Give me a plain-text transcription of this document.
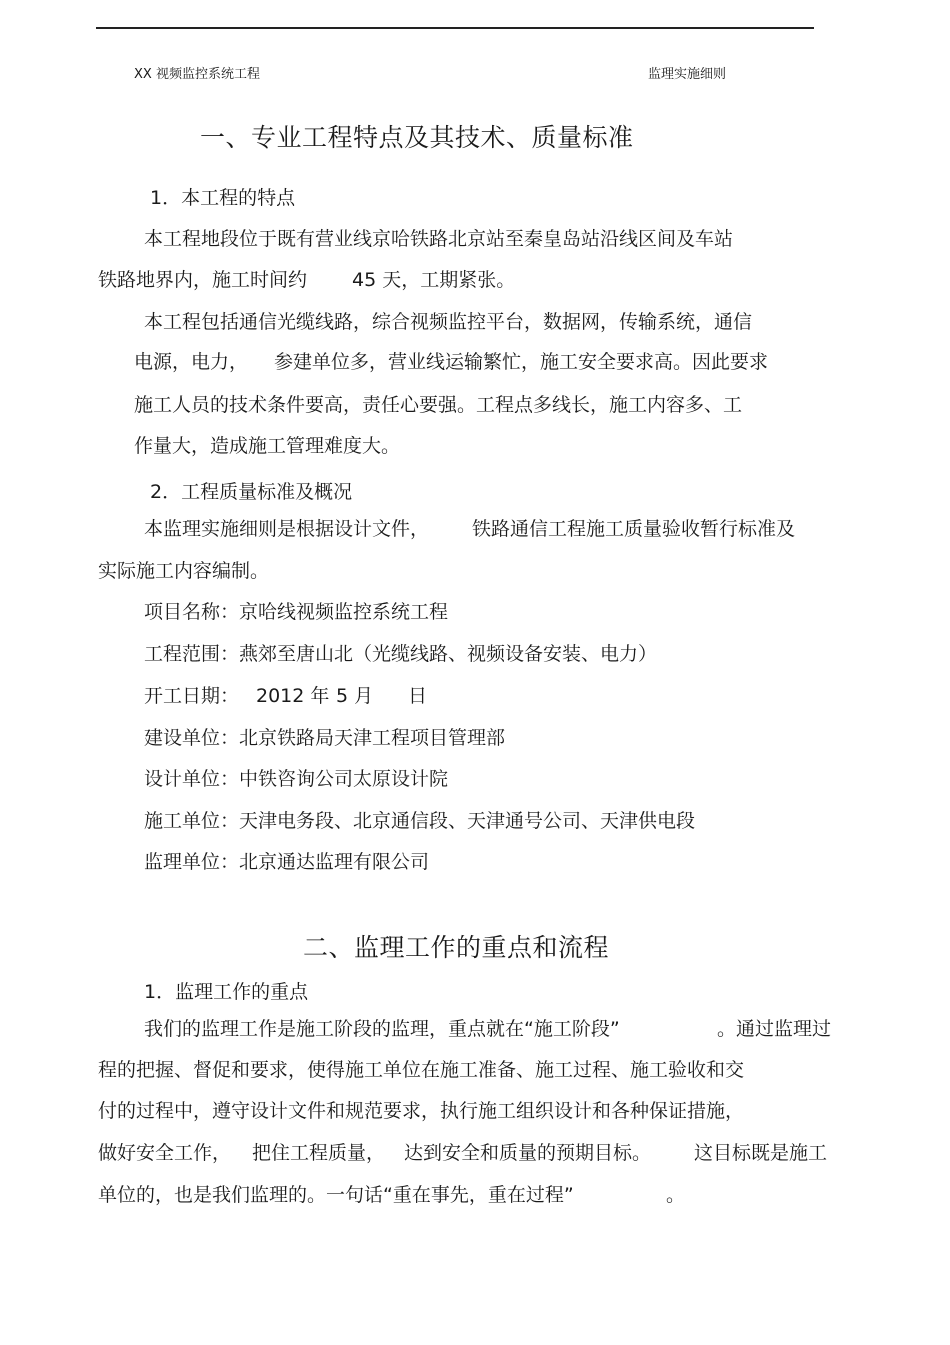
XX 视频监控系统工程	监理实施细则
一、专业工程特点及其技术、质量标准
1．本工程的特点
本工程地段位于既有营业线京哈铁路北京站至秦皇岛站沿线区间及车站
铁路地界内，施工时间约 45 天，工期紧张。
本工程包括通信光缆线路，综合视频监控平台，数据网，传输系统，通信
电源，电力， 参建单位多，营业线运输繁忙，施工安全要求高。因此要求
施工人员的技术条件要高，责任心要强。工程点多线长，施工内容多、工
作量大，造成施工管理难度大。
2．工程质量标准及概况
本监理实施细则是根据设计文件， 铁路通信工程施工质量验收暂行标准及
实际施工内容编制。
项目名称：京哈线视频监控系统工程
工程范围：燕郊至唐山北（光缆线路、视频设备安装、电力）
开工日期： 2012 年 5 月 日
建设单位：北京铁路局天津工程项目管理部
设计单位：中铁咨询公司太原设计院
施工单位：天津电务段、北京通信段、天津通号公司、天津供电段
监理单位：北京通达监理有限公司
二、监理工作的重点和流程
1．监理工作的重点
我们的监理工作是施工阶段的监理，重点就在“施工阶段”	。通过监理过
程的把握、督促和要求，使得施工单位在施工准备、施工过程、施工验收和交
付的过程中，遵守设计文件和规范要求，执行施工组织设计和各种保证措施，
做好安全工作， 把住工程质量， 达到安全和质量的预期目标。 这目标既是施工
单位的，也是我们监理的。一句话“重在事先，重在过程”	。
